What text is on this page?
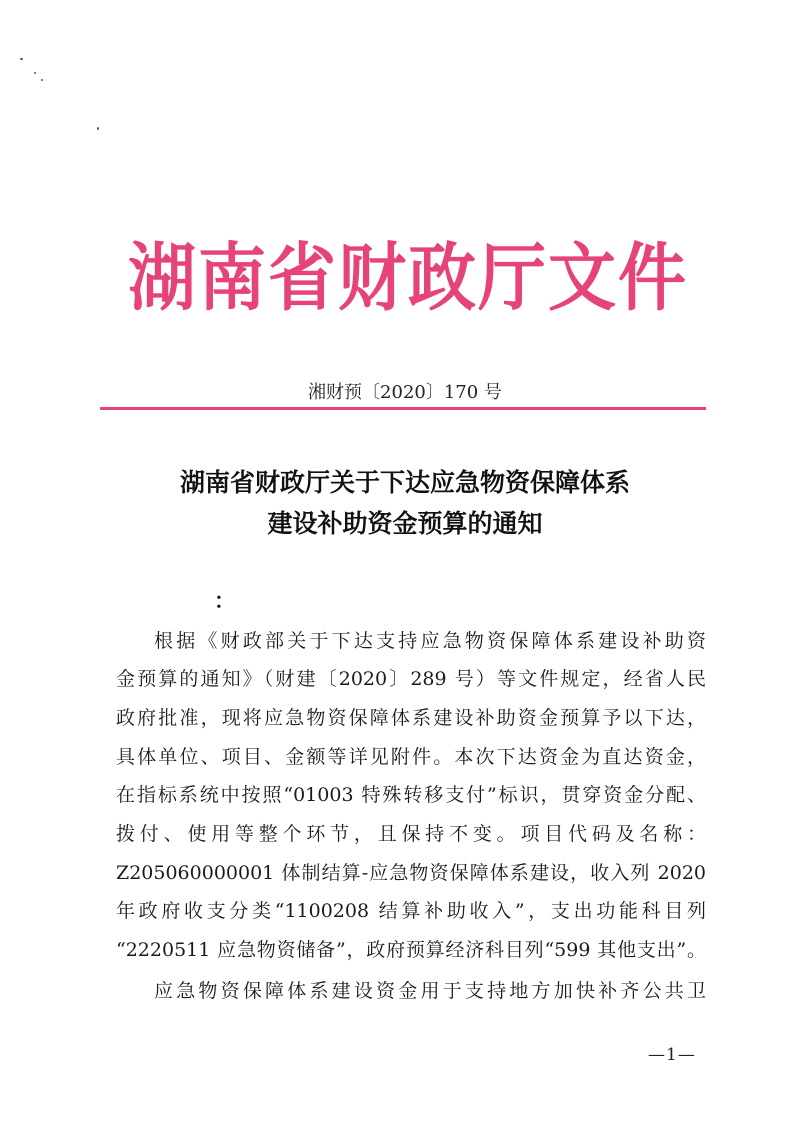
湖南省财政厅文件
湘财预〔2020〕170 号
湖南省财政厅关于下达应急物资保障体系
建设补助资金预算的通知
：
根据《财政部关于下达支持应急物资保障体系建设补助资
金预算的通知》（财建〔2020〕289 号）等文件规定，经省人民
政府批准，现将应急物资保障体系建设补助资金预算予以下达，
具体单位、项目、金额等详见附件。本次下达资金为直达资金，
在指标系统中按照“01003 特殊转移支付”标识，贯穿资金分配、
拨付、使用等整个环节，且保持不变。项目代码及名称：
Z205060000001 体制结算-应急物资保障体系建设，收入列 2020
年政府收支分类“1100208 结算补助收入”，支出功能科目列
“2220511 应急物资储备”，政府预算经济科目列“599 其他支出”。
应急物资保障体系建设资金用于支持地方加快补齐公共卫
—1—
